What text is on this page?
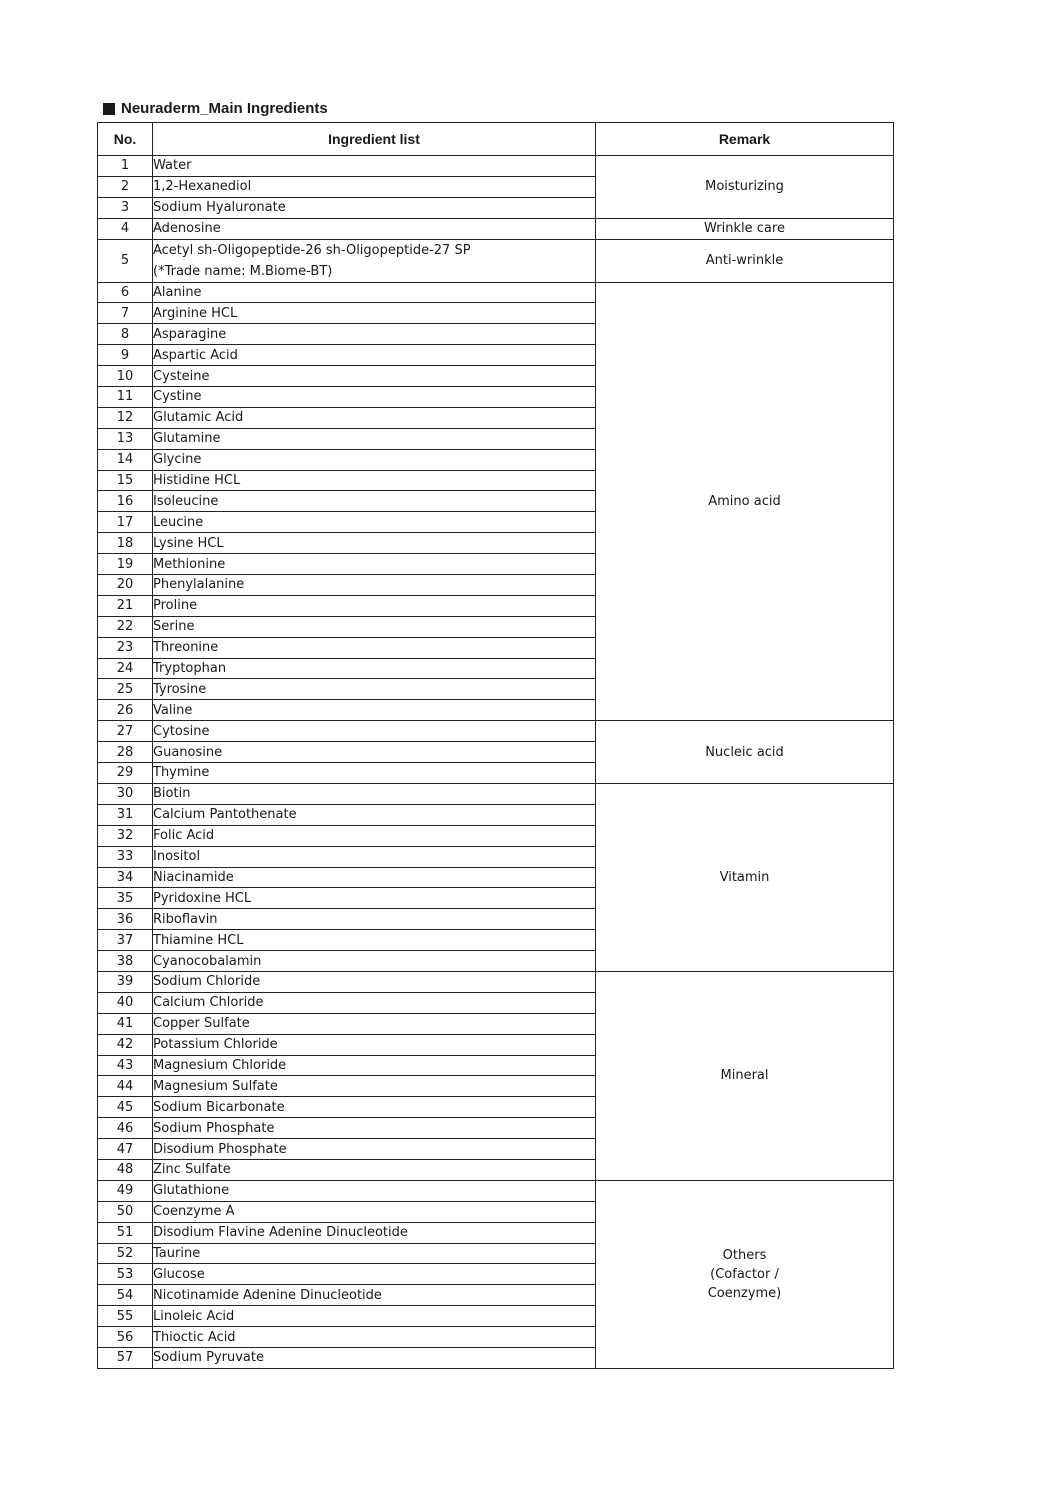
Neuraderm_Main Ingredients
No.	Ingredient list	Remark
1	Water	Moisturizing

2	1,2-Hexanediol	
3	Sodium Hyaluronate	
4	Adenosine	Wrinkle care

5	Acetyl sh-Oligopeptide-26 sh-Oligopeptide-27 SP
(*Trade name: M.Biome-BT)	Anti-wrinkle

6	Alanine	Amino acid

7	Arginine HCL	
8	Asparagine	
9	Aspartic Acid	
10	Cysteine	
11	Cystine	
12	Glutamic Acid	
13	Glutamine	
14	Glycine	
15	Histidine HCL	
16	Isoleucine	
17	Leucine	
18	Lysine HCL	
19	Methionine	
20	Phenylalanine	
21	Proline	
22	Serine	
23	Threonine	
24	Tryptophan	
25	Tyrosine	
26	Valine	
27	Cytosine	Nucleic acid

28	Guanosine	
29	Thymine	
30	Biotin	Vitamin

31	Calcium Pantothenate	
32	Folic Acid	
33	Inositol	
34	Niacinamide	
35	Pyridoxine HCL	
36	Riboflavin	
37	Thiamine HCL	
38	Cyanocobalamin	
39	Sodium Chloride	Mineral

40	Calcium Chloride	
41	Copper Sulfate	
42	Potassium Chloride	
43	Magnesium Chloride	
44	Magnesium Sulfate	
45	Sodium Bicarbonate	
46	Sodium Phosphate	
47	Disodium Phosphate	
48	Zinc Sulfate	
49	Glutathione	Others
(Cofactor /
Coenzyme)

50	Coenzyme A	
51	Disodium Flavine Adenine Dinucleotide	
52	Taurine	
53	Glucose	
54	Nicotinamide Adenine Dinucleotide	
55	Linoleic Acid	
56	Thioctic Acid	
57	Sodium Pyruvate	
